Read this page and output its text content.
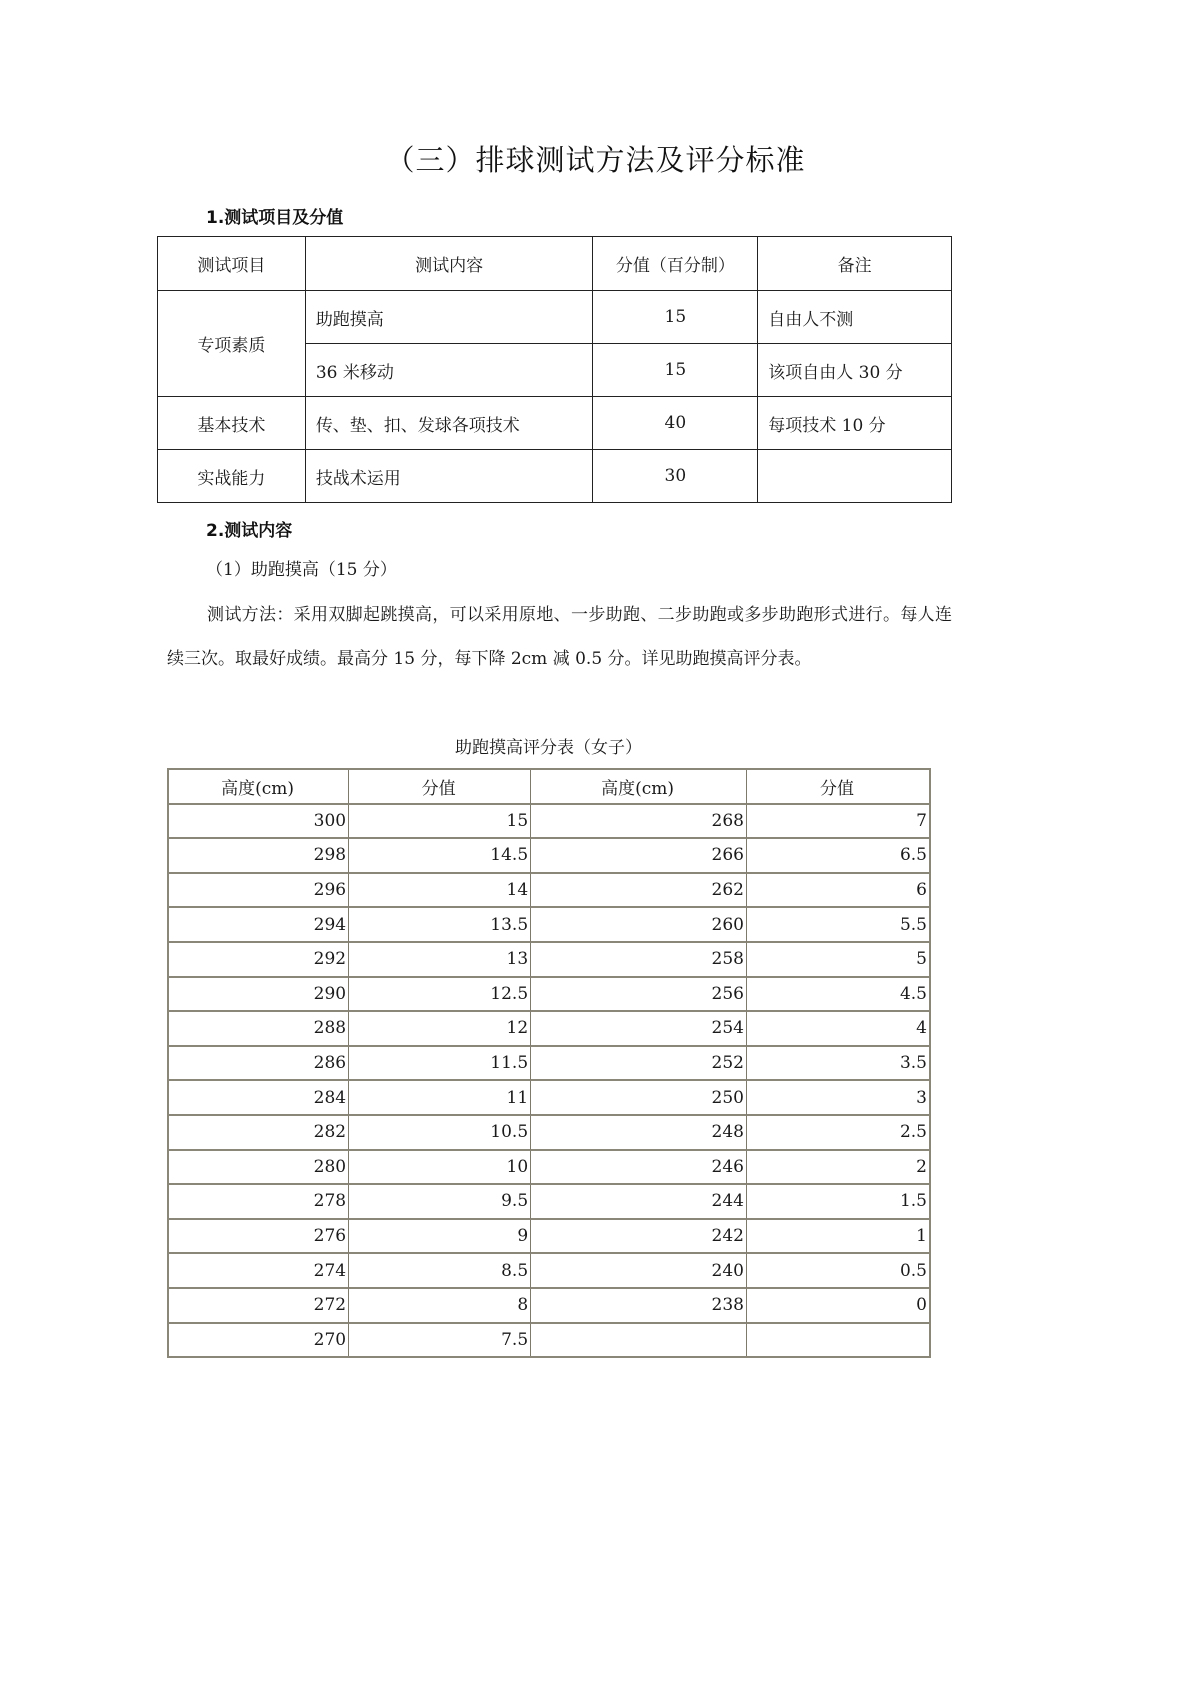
（三）排球测试方法及评分标准
1.测试项目及分值
测试项目	测试内容	分值（百分制）	备注
专项素质	助跑摸高	15	自由人不测
	36 米移动	15	该项自由人 30 分
基本技术	传、垫、扣、发球各项技术	40	每项技术 10 分
实战能力	技战术运用	30	
2.测试内容
（1）助跑摸高（15 分）
测试方法：采用双脚起跳摸高，可以采用原地、一步助跑、二步助跑或多步助跑形式进行。每人连续三次。取最好成绩。最高分 15 分，每下降 2cm 减 0.5 分。详见助跑摸高评分表。
助跑摸高评分表（女子）
高度(cm)	分值	高度(cm)	分值
300	15	268	7
298	14.5	266	6.5
296	14	262	6
294	13.5	260	5.5
292	13	258	5
290	12.5	256	4.5
288	12	254	4
286	11.5	252	3.5
284	11	250	3
282	10.5	248	2.5
280	10	246	2
278	9.5	244	1.5
276	9	242	1
274	8.5	240	0.5
272	8	238	0
270	7.5		
